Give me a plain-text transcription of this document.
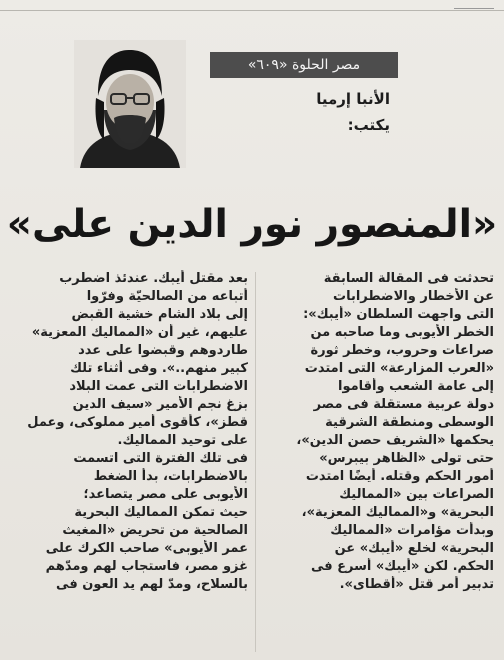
مصر الحلوة «٦٠٩»
الأنبا إرميا
يكتب:
«المنصور نور الدين على»
تحدثت فى المقالة السابقة
عن الأخطار والاضطرابات
التى واجهت السلطان «أيبك»:
الخطر الأيوبى وما صاحبه من
صراعات وحروب، وخطر ثورة
«العرب المزارعة» التى امتدت
إلى عامة الشعب وأقاموا
دولة عربية مستقلة فى مصر
الوسطى ومنطقة الشرقية
يحكمها «الشريف حصن الدين»،
حتى تولى «الظاهر بيبرس»
أمور الحكم وقتله. أيضًا امتدت
الصراعات بين «المماليك
البحرية» و«المماليك المعزية»،
وبدأت مؤامرات «المماليك
البحرية» لخلع «أيبك» عن
الحكم. لكن «أيبك» أسرع فى
تدبير أمر قتل «أقطاى».
بعد مقتل أيبك. عندئذ اضطرب
أتباعه من الصالحيّة وفرّوا
إلى بلاد الشام خشية القبض
عليهم، غير أن «المماليك المعزية»
طاردوهم وقبضوا على عدد
كبير منهم..». وفى أثناء تلك
الاضطرابات التى عمت البلاد
بزغ نجم الأمير «سيف الدين
قطز»، كأقوى أمير مملوكى، وعمل
على توحيد المماليك.
فى تلك الفترة التى اتسمت
بالاضطرابات، بدأ الضغط
الأيوبى على مصر يتصاعد؛
حيث تمكن المماليك البحرية
الصالحية من تحريض «المغيث
عمر الأيوبى» صاحب الكرك على
غزو مصر، فاستجاب لهم ومدّهم
بالسلاح، ومدّ لهم يد العون فى
